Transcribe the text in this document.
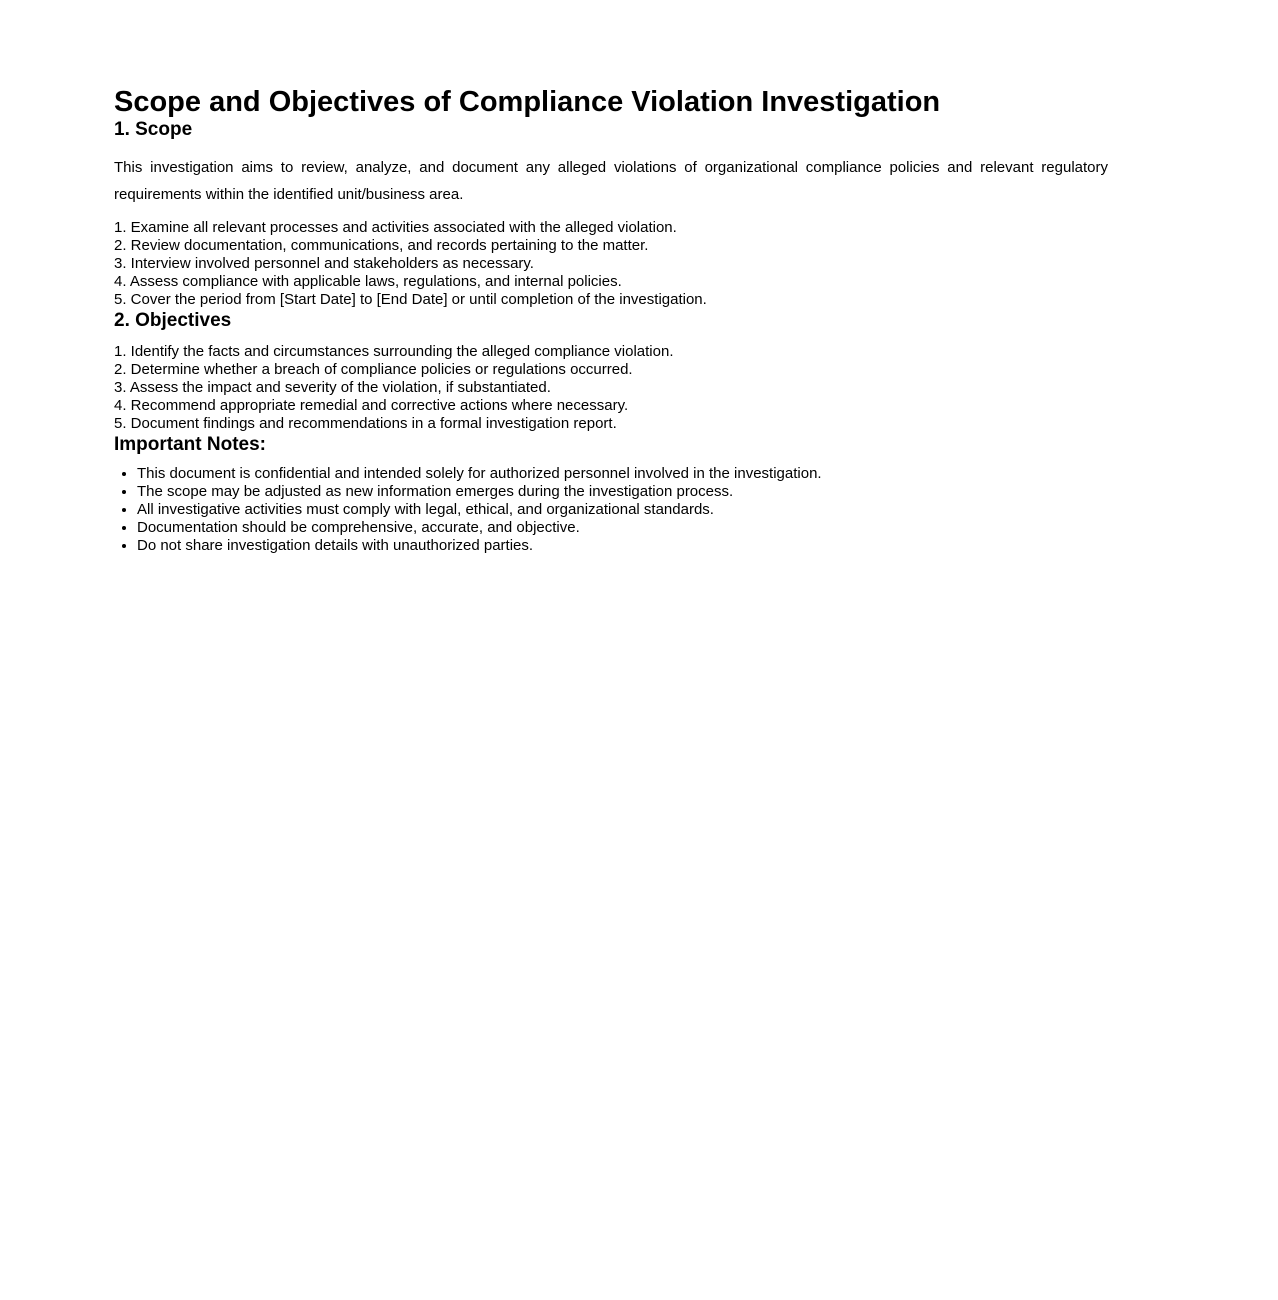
Scope and Objectives of Compliance Violation Investigation
1. Scope

This investigation aims to review, analyze, and document any alleged violations of organizational compliance policies and relevant regulatory requirements within the identified unit/business area.

1. Examine all relevant processes and activities associated with the alleged violation.
2. Review documentation, communications, and records pertaining to the matter.
3. Interview involved personnel and stakeholders as necessary.
4. Assess compliance with applicable laws, regulations, and internal policies.
5. Cover the period from [Start Date] to [End Date] or until completion of the investigation.
2. Objectives
1. Identify the facts and circumstances surrounding the alleged compliance violation.
2. Determine whether a breach of compliance policies or regulations occurred.
3. Assess the impact and severity of the violation, if substantiated.
4. Recommend appropriate remedial and corrective actions where necessary.
5. Document findings and recommendations in a formal investigation report.
Important Notes:
• This document is confidential and intended solely for authorized personnel involved in the investigation.
• The scope may be adjusted as new information emerges during the investigation process.
• All investigative activities must comply with legal, ethical, and organizational standards.
• Documentation should be comprehensive, accurate, and objective.
• Do not share investigation details with unauthorized parties.
